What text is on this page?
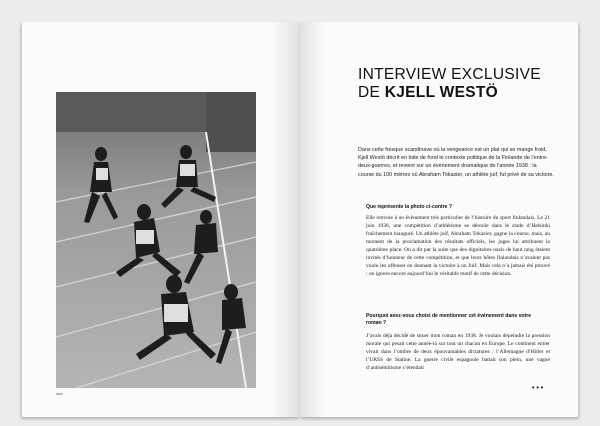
0000
INTERVIEW EXCLUSIVE
DE KJELL WESTÖ
Dans cette fresque scandinave où la vengeance est un plat qui se mange froid, Kjell Westö décrit en toile de fond le contexte politique de la Finlande de l’entre-deux-guerres, et revient sur un évènement dramatique de l’année 1938 : la course du 100 mètres où Abraham Tokazier, un athlète juif, fut privé de sa victoire.
Que représente la photo ci-contre ?
Elle renvoie à un évènement très particulier de l’histoire du sport finlandais. Le 21 juin 1938, une compétition d’athlétisme se déroule dans le stade d’Helsinki fraîchement inauguré. Un athlète juif, Abraham Tokazier, gagne la course, mais, au moment de la proclamation des résultats officiels, les juges lui attribuent la quatrième place. On a dit par la suite que des dignitaires nazis de haut rang étaient invités d’honneur de cette compétition, et que leurs hôtes finlandais n’avaient pas voulu les offenser en donnant la victoire à un Juif. Mais cela n’a jamais été prouvé : on ignore encore aujourd’hui le véritable motif de cette décision.
Pourquoi avez-vous choisi de mentionner cet évènement dans votre roman ?
J’avais déjà décidé de situer mon roman en 1938. Je voulais dépeindre la pression morale qui pesait cette année-là sur tout un chacun en Europe. Le continent entier vivait dans l’ombre de deux épouvantables dictatures : l’Allemagne d’Hitler et l’URSS de Staline. La guerre civile espagnole battait son plein, une vague d’antisémitisme s’étendait
• • •
